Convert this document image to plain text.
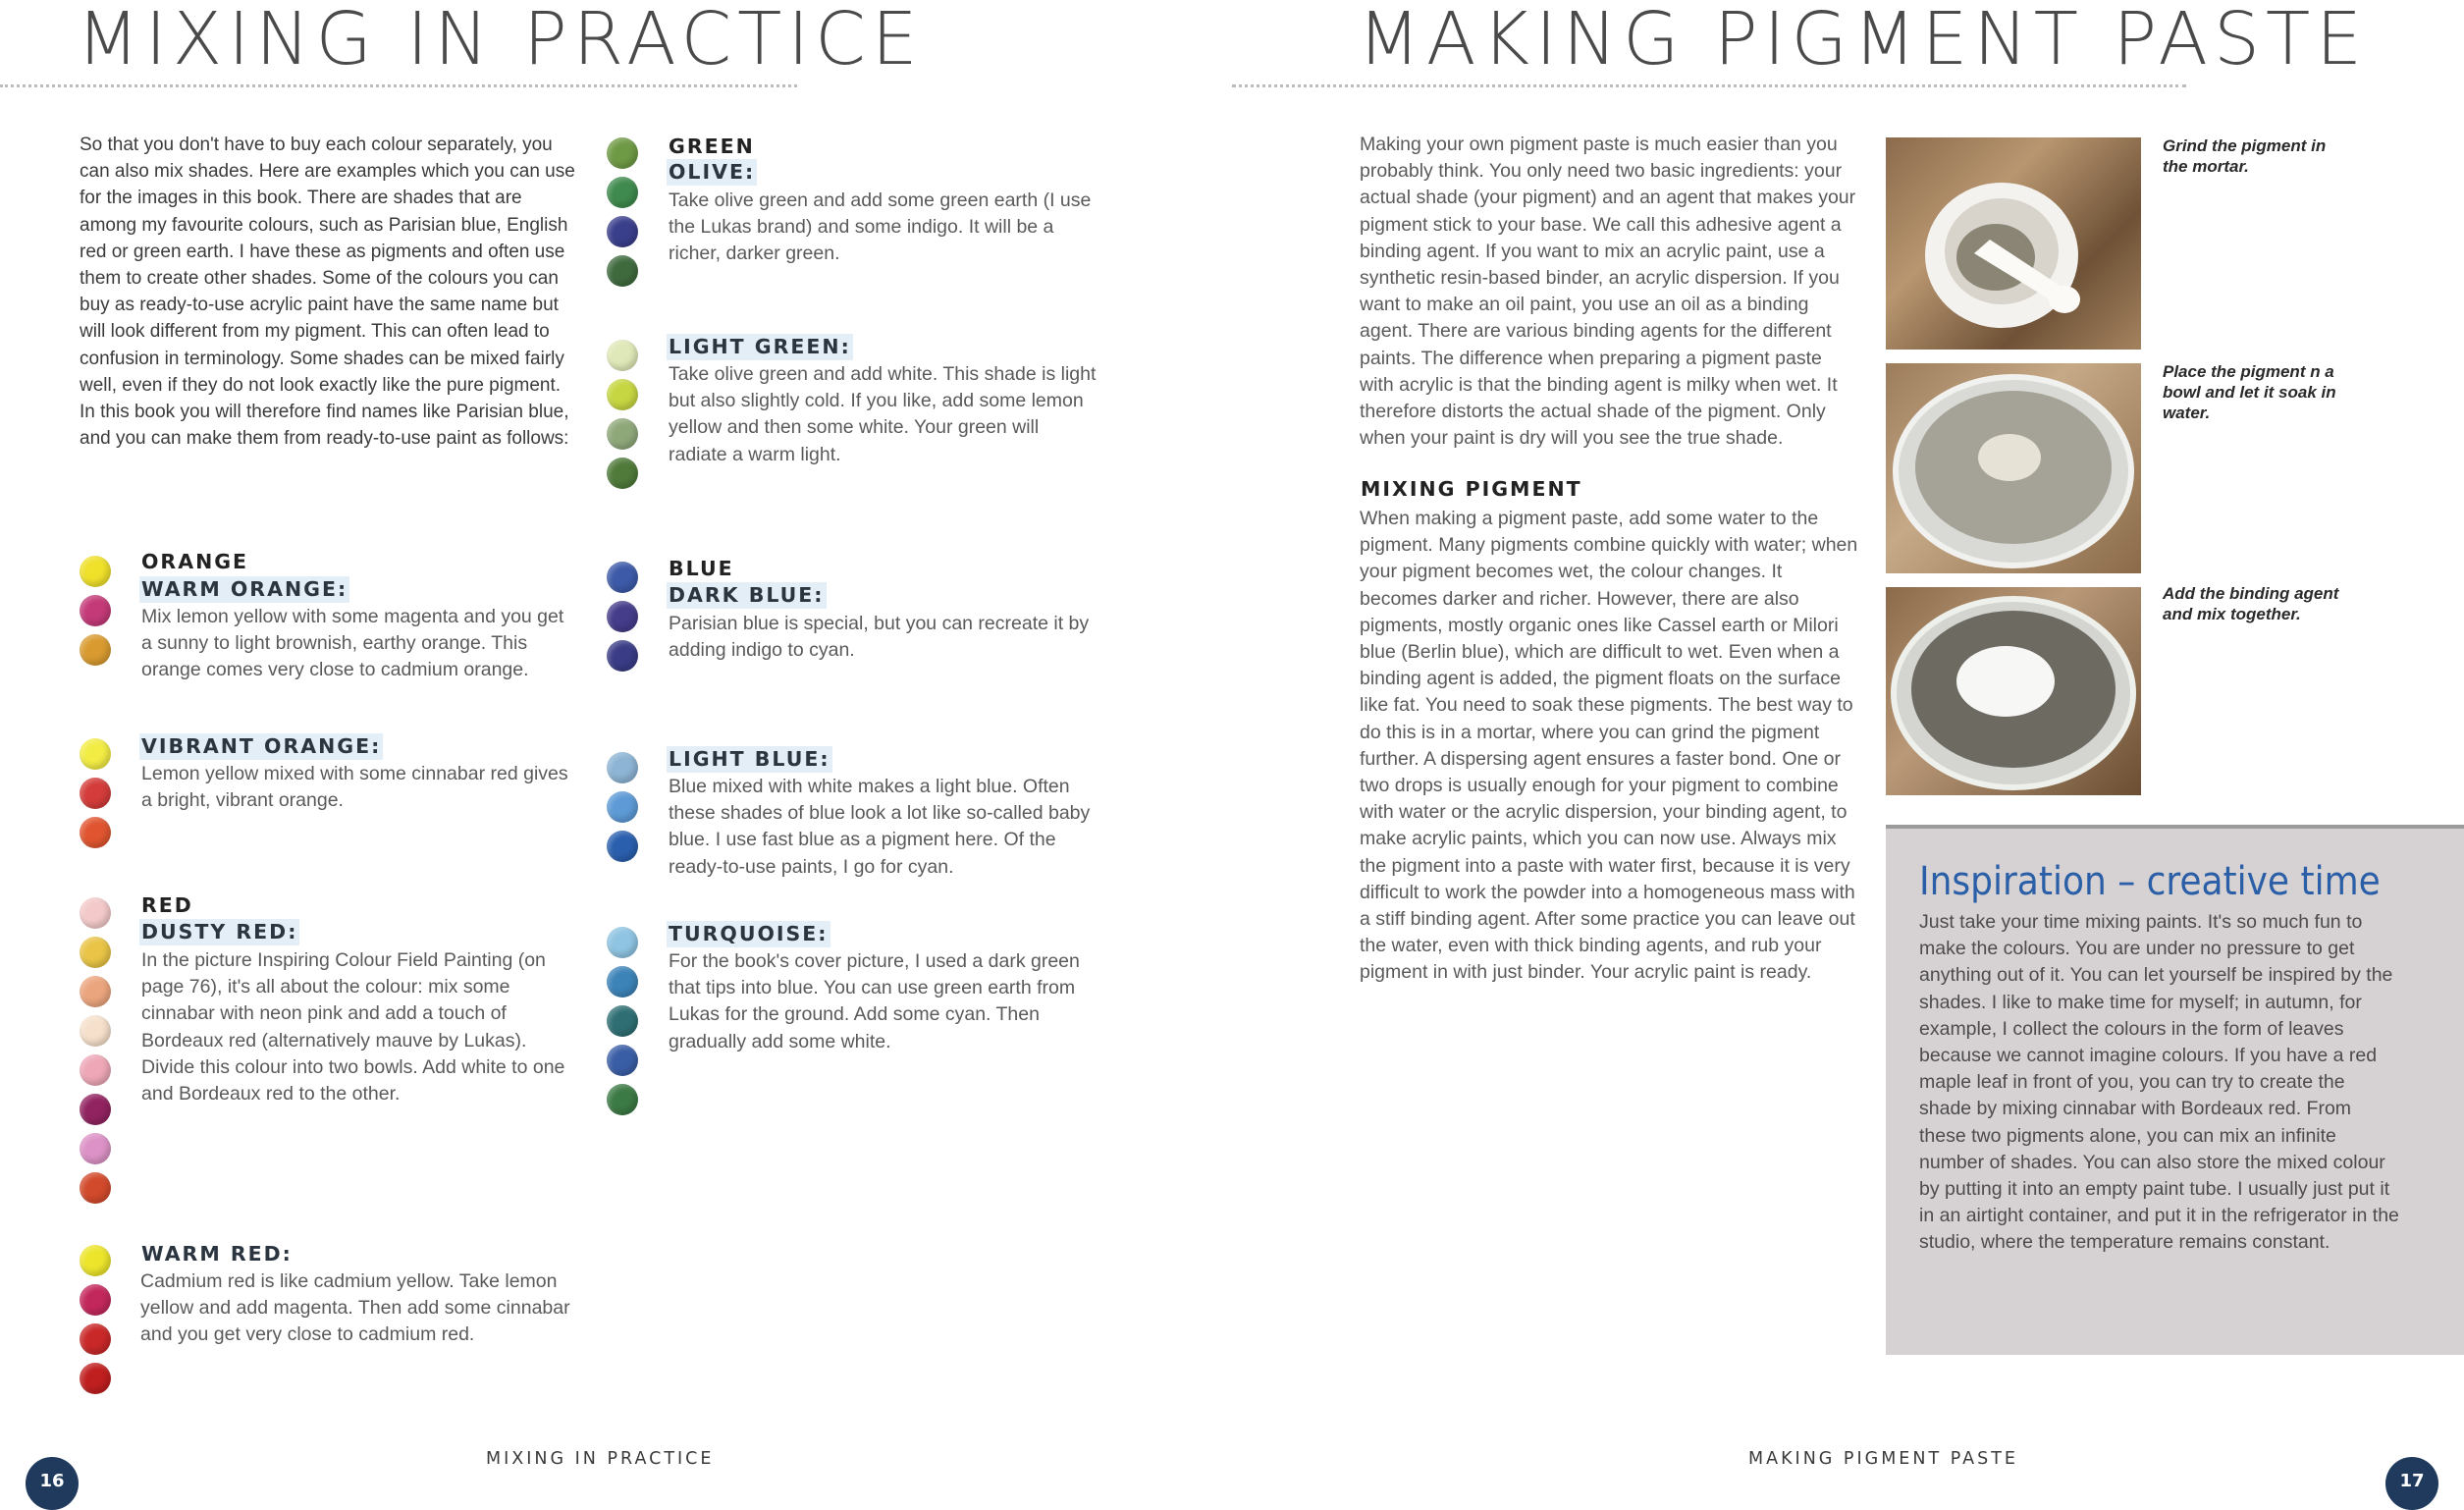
MIXING IN PRACTICE

So that you don't have to buy each colour separately, you can also mix shades. Here are examples which you can use for the images in this book. There are shades that are among my favourite colours, such as Parisian blue, English red or green earth. I have these as pigments and often use them to create other shades. Some of the colours you can buy as ready-to-use acrylic paint have the same name but will look different from my pigment. This can often lead to confusion in terminology. Some shades can be mixed fairly well, even if they do not look exactly like the pure pigment. In this book you will therefore find names like Parisian blue, and you can make them from ready-to-use paint as follows:

ORANGE
WARM ORANGE:

Mix lemon yellow with some magenta and you get a sunny to light brownish, earthy orange. This orange comes very close to cadmium orange.

VIBRANT ORANGE:

Lemon yellow mixed with some cinnabar red gives a bright, vibrant orange.

RED
DUSTY RED:

In the picture Inspiring Colour Field Painting (on page 76), it's all about the colour: mix some cinnabar with neon pink and add a touch of Bordeaux red (alternatively mauve by Lukas). Divide this colour into two bowls. Add white to one and Bordeaux red to the other.

WARM RED:

Cadmium red is like cadmium yellow. Take lemon yellow and add magenta. Then add some cinnabar and you get very close to cadmium red.

GREEN
OLIVE:

Take olive green and add some green earth (I use the Lukas brand) and some indigo. It will be a richer, darker green.

LIGHT GREEN:

Take olive green and add white. This shade is light but also slightly cold. If you like, add some lemon yellow and then some white. Your green will radiate a warm light.

BLUE
DARK BLUE:

Parisian blue is special, but you can recreate it by adding indigo to cyan.

LIGHT BLUE:

Blue mixed with white makes a light blue. Often these shades of blue look a lot like so-called baby blue. I use fast blue as a pigment here. Of the ready-to-use paints, I go for cyan.

TURQUOISE:

For the book's cover picture, I used a dark green that tips into blue. You can use green earth from Lukas for the ground. Add some cyan. Then gradually add some white.

16
MIXING IN PRACTICE
MAKING PIGMENT PASTE

Making your own pigment paste is much easier than you probably think. You only need two basic ingredients: your actual shade (your pigment) and an agent that makes your pigment stick to your base. We call this adhesive agent a binding agent. If you want to mix an acrylic paint, use a synthetic resin-based binder, an acrylic dispersion. If you want to make an oil paint, you use an oil as a binding agent. There are various binding agents for the different paints. The difference when preparing a pigment paste with acrylic is that the binding agent is milky when wet. It therefore distorts the actual shade of the pigment. Only when your paint is dry will you see the true shade.

MIXING PIGMENT

When making a pigment paste, add some water to the pigment. Many pigments combine quickly with water; when your pigment becomes wet, the colour changes. It becomes darker and richer. However, there are also pigments, mostly organic ones like Cassel earth or Milori blue (Berlin blue), which are difficult to wet. Even when a binding agent is added, the pigment floats on the surface like fat. You need to soak these pigments. The best way to do this is in a mortar, where you can grind the pigment further. A dispersing agent ensures a faster bond. One or two drops is usually enough for your pigment to combine with water or the acrylic dispersion, your binding agent, to make acrylic paints, which you can now use. Always mix the pigment into a paste with water first, because it is very difficult to work the powder into a homogeneous mass with a stiff binding agent. After some practice you can leave out the water, even with thick binding agents, and rub your pigment in with just binder. Your acrylic paint is ready.

Grind the pigment in the mortar.

Place the pigment n a bowl and let it soak in water.

Add the binding agent and mix together.

Inspiration – creative time

Just take your time mixing paints. It's so much fun to make the colours. You are under no pressure to get anything out of it. You can let yourself be inspired by the shades. I like to make time for myself; in autumn, for example, I collect the colours in the form of leaves because we cannot imagine colours. If you have a red maple leaf in front of you, you can try to create the shade by mixing cinnabar with Bordeaux red. From these two pigments alone, you can mix an infinite number of shades. You can also store the mixed colour by putting it into an empty paint tube. I usually just put it in an airtight container, and put it in the refrigerator in the studio, where the temperature remains constant.

MAKING PIGMENT PASTE
17
